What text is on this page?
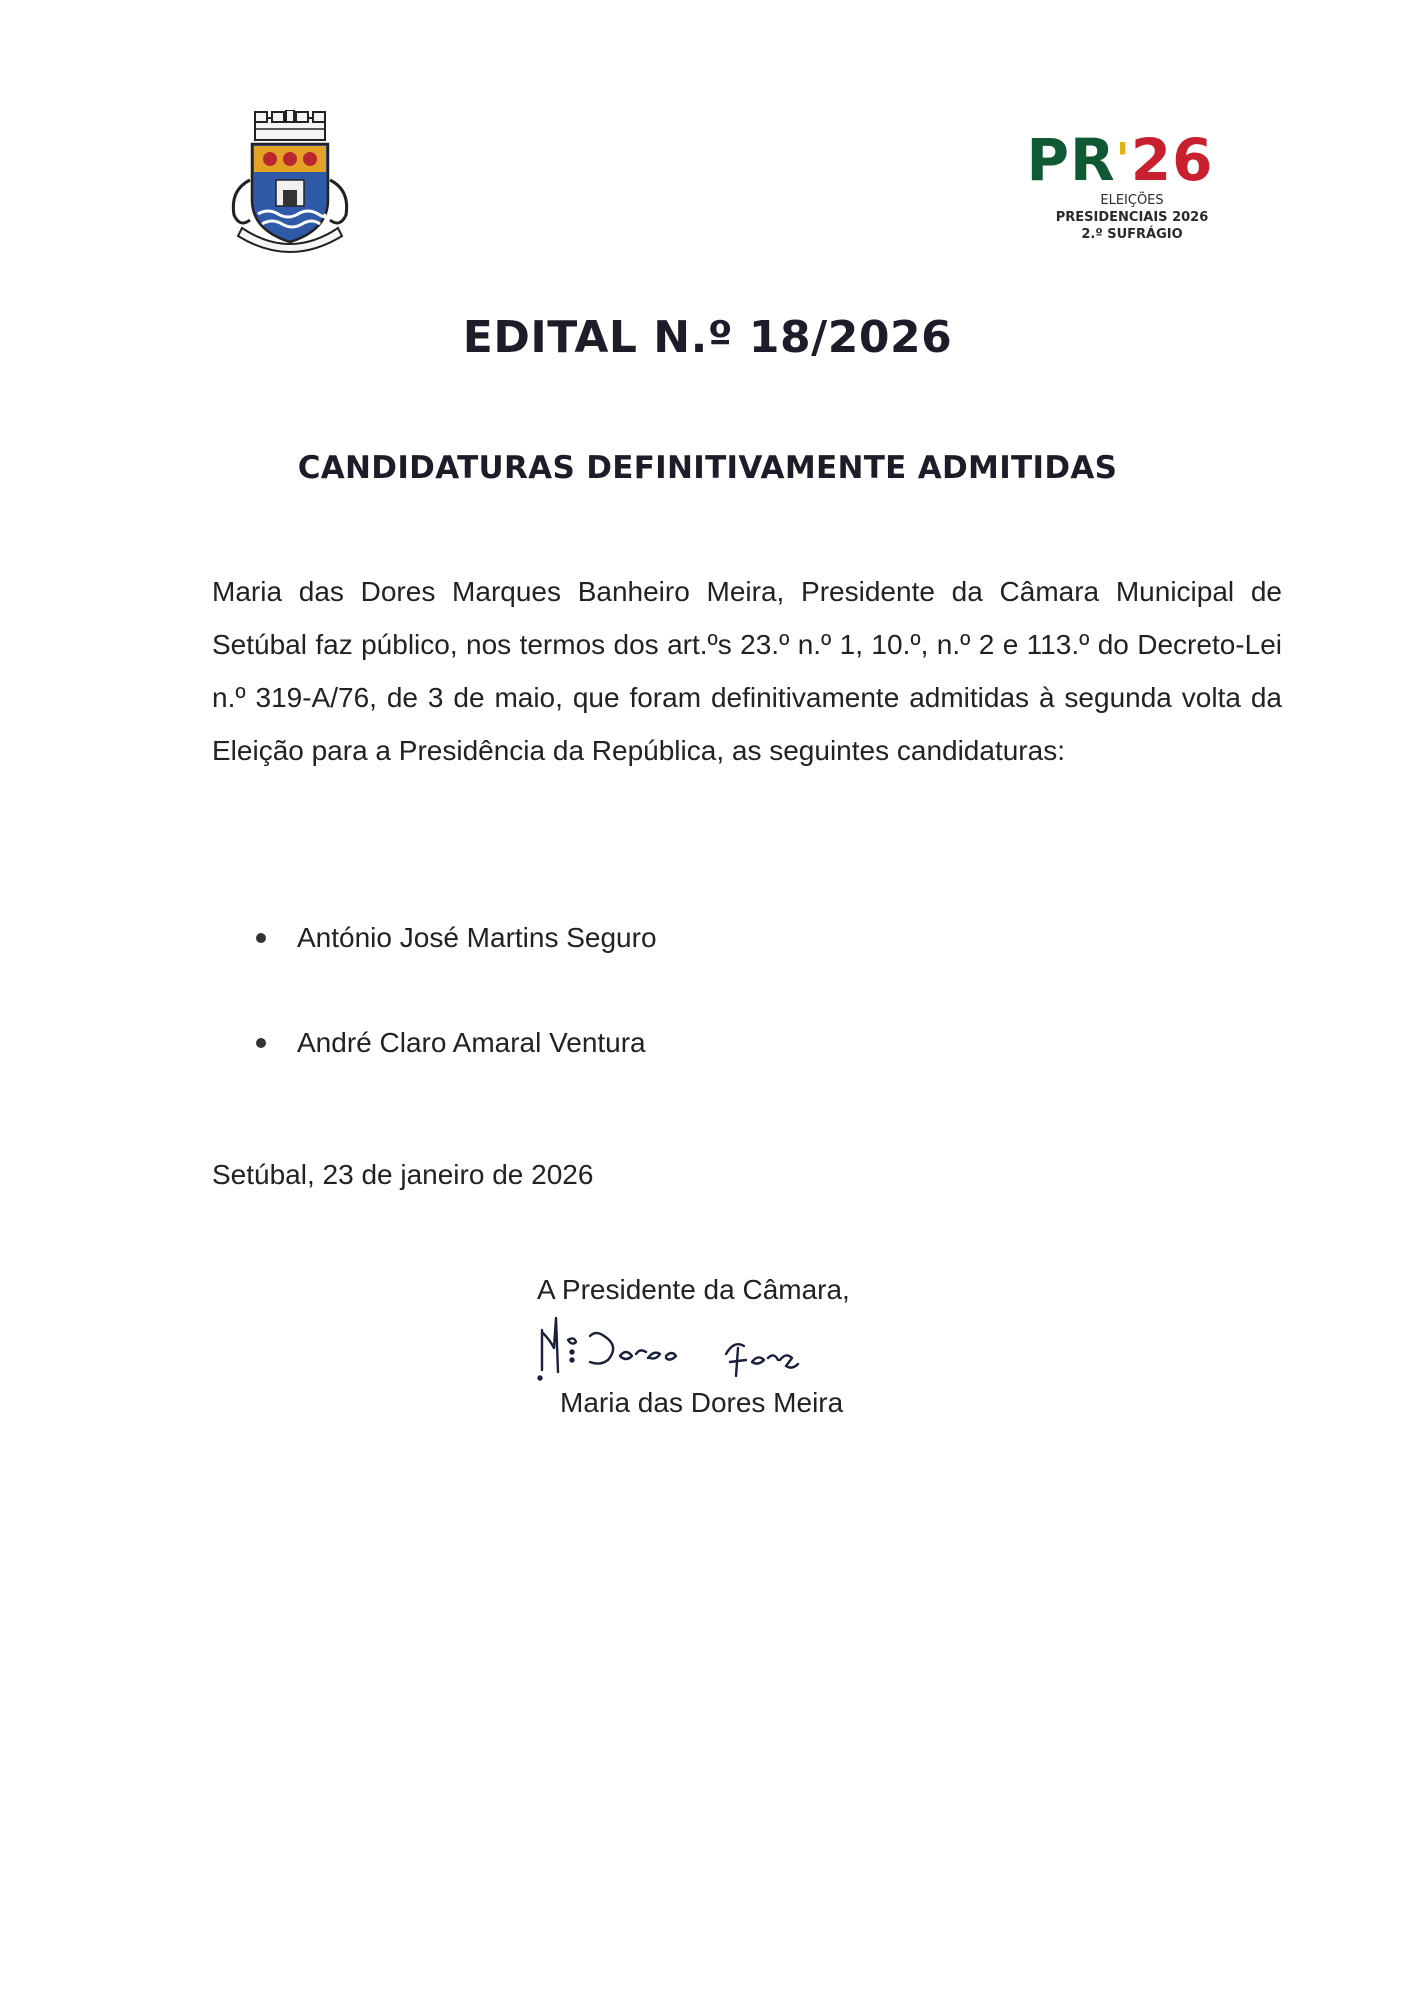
PR'26
ELEIÇÕES
PRESIDENCIAIS 2026
2.º SUFRÁGIO
EDITAL N.º 18/2026
CANDIDATURAS DEFINITIVAMENTE ADMITIDAS
Maria das Dores Marques Banheiro Meira, Presidente da Câmara Municipal de Setúbal faz público, nos termos dos art.ºs 23.º n.º 1, 10.º, n.º 2 e 113.º do Decreto-Lei n.º 319-A/76, de 3 de maio, que foram definitivamente admitidas à segunda volta da Eleição para a Presidência da República, as seguintes candidaturas:
António José Martins Seguro
André Claro Amaral Ventura
Setúbal, 23 de janeiro de 2026
A Presidente da Câmara,
Maria das Dores Meira
